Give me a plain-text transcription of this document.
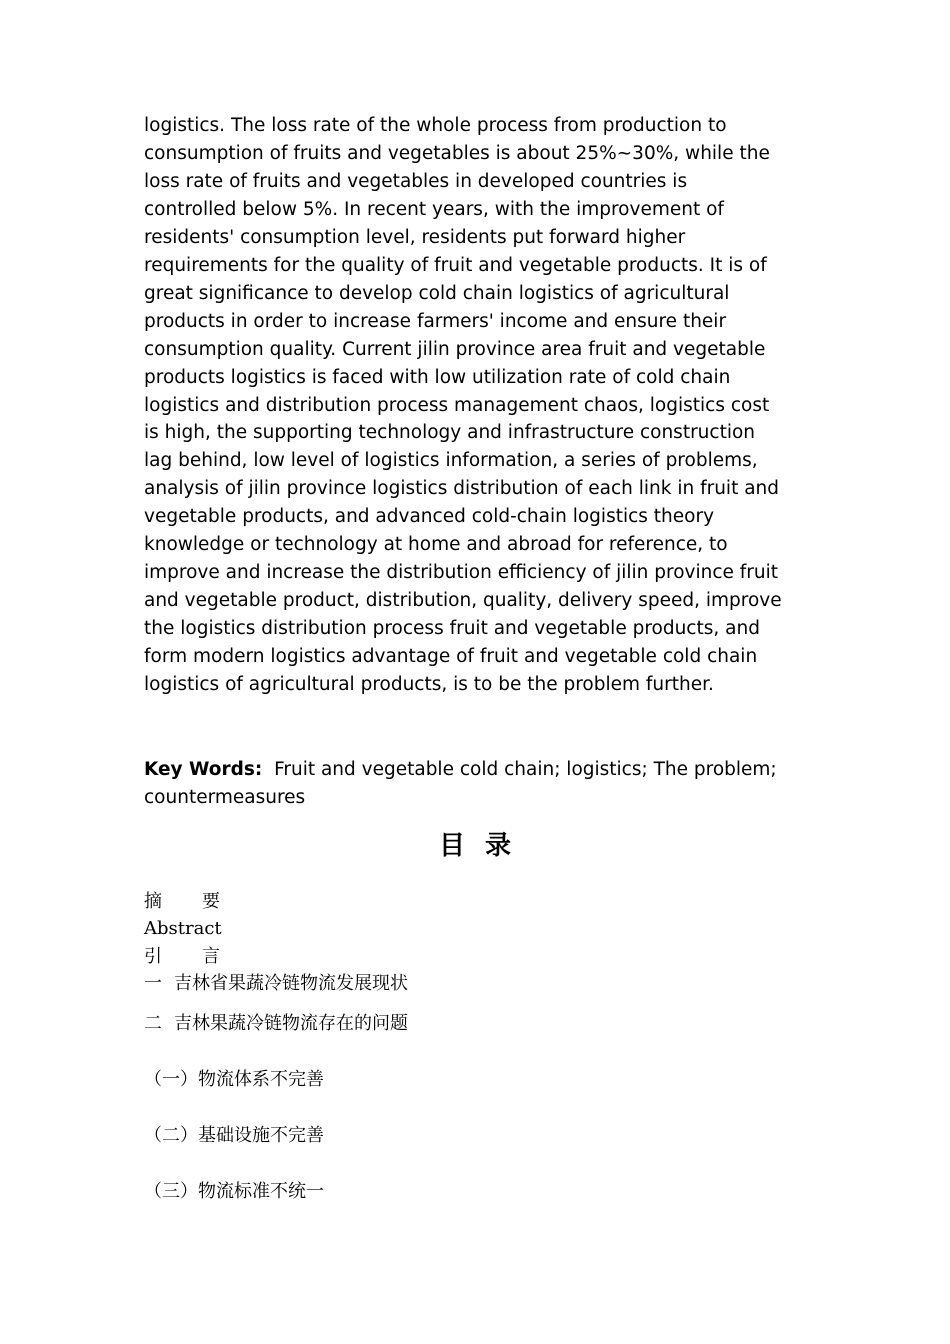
logistics. The loss rate of the whole process from production to
consumption of fruits and vegetables is about 25%~30%, while the
loss rate of fruits and vegetables in developed countries is
controlled below 5%. In recent years, with the improvement of
residents' consumption level, residents put forward higher
requirements for the quality of fruit and vegetable products. It is of
great significance to develop cold chain logistics of agricultural
products in order to increase farmers' income and ensure their
consumption quality. Current jilin province area fruit and vegetable
products logistics is faced with low utilization rate of cold chain
logistics and distribution process management chaos, logistics cost
is high, the supporting technology and infrastructure construction
lag behind, low level of logistics information, a series of problems,
analysis of jilin province logistics distribution of each link in fruit and
vegetable products, and advanced cold-chain logistics theory
knowledge or technology at home and abroad for reference, to
improve and increase the distribution efficiency of jilin province fruit
and vegetable product, distribution, quality, delivery speed, improve
the logistics distribution process fruit and vegetable products, and
form modern logistics advantage of fruit and vegetable cold chain
logistics of agricultural products, is to be the problem further.
Key Words: Fruit and vegetable cold chain; logistics; The problem;
countermeasures
目录
摘 要
Abstract
引 言
一 吉林省果蔬冷链物流发展现状
二 吉林果蔬冷链物流存在的问题
（一）物流体系不完善
（二）基础设施不完善
（三）物流标准不统一
